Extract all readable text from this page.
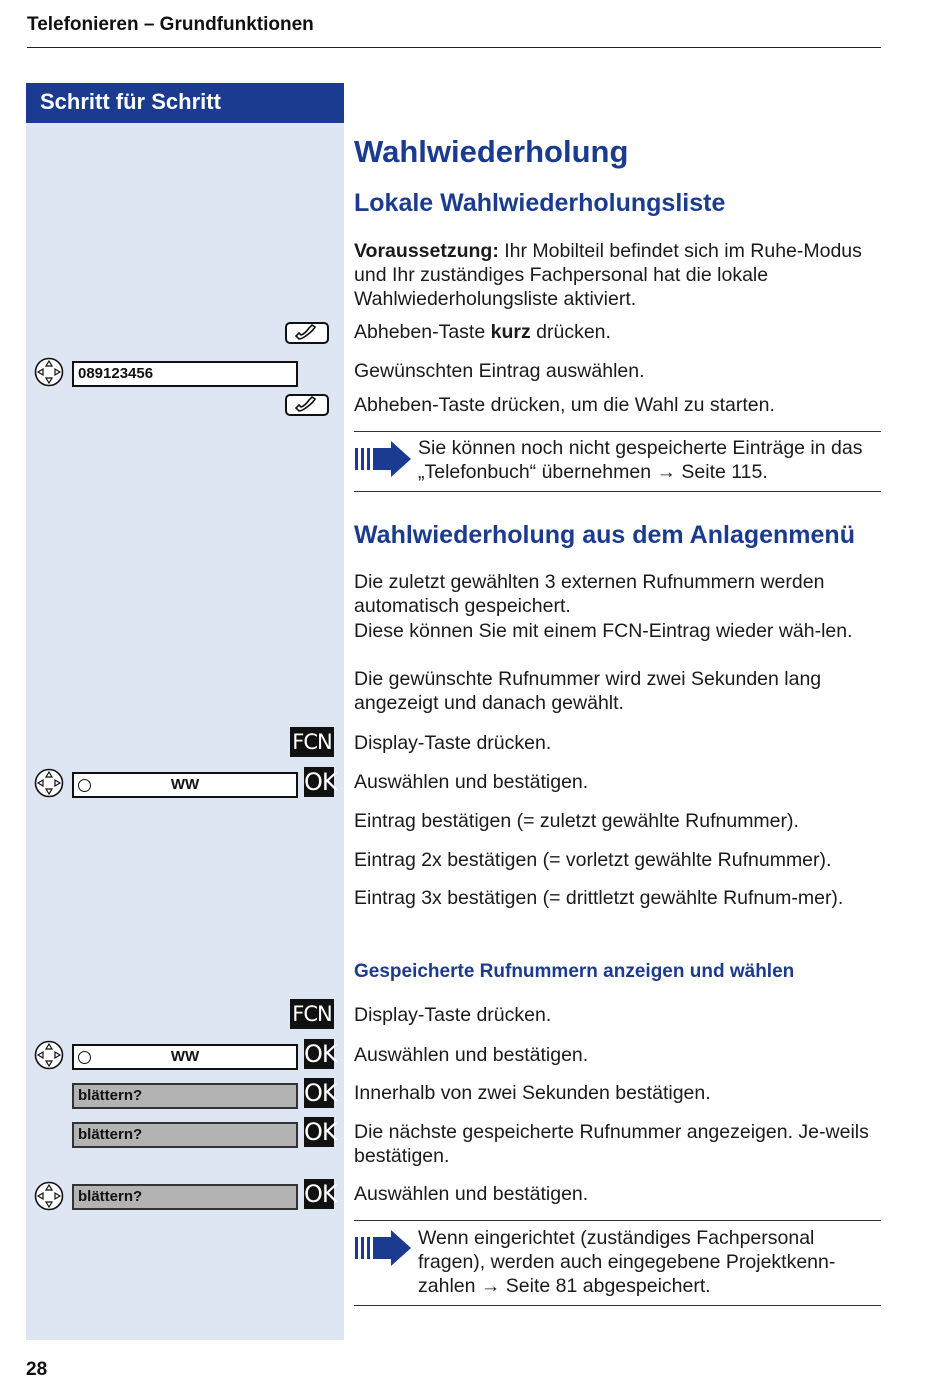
Telefonieren – Grundfunktionen
Schritt für Schritt
Wahlwiederholung
Lokale Wahlwiederholungsliste
Voraussetzung: Ihr Mobilteil befindet sich im Ruhe-Modus und Ihr zuständiges Fachpersonal hat die lokale Wahlwiederholungsliste aktiviert.
Abheben-Taste kurz drücken.
089123456	Gewünschten Eintrag auswählen.
Abheben-Taste drücken, um die Wahl zu starten.
Sie können noch nicht gespeicherte Einträge in das „Telefonbuch“ übernehmen → Seite 115.
Wahlwiederholung aus dem Anlagenmenü
Die zuletzt gewählten 3 externen Rufnummern werden automatisch gespeichert.
Diese können Sie mit einem FCN-Eintrag wieder wäh-len.
Die gewünschte Rufnummer wird zwei Sekunden lang angezeigt und danach gewählt.
FCN Display-Taste drücken.
WW	OK Auswählen und bestätigen.
Eintrag bestätigen (= zuletzt gewählte Rufnummer).
Eintrag 2x bestätigen (= vorletzt gewählte Rufnummer).
Eintrag 3x bestätigen (= drittletzt gewählte Rufnum-mer).
Gespeicherte Rufnummern anzeigen und wählen
FCN Display-Taste drücken.
WW	OK Auswählen und bestätigen.
blättern?	OK Innerhalb von zwei Sekunden bestätigen.
blättern?	OK Die nächste gespeicherte Rufnummer angezeigen. Je-weils bestätigen.
blättern?	OK Auswählen und bestätigen.
Wenn eingerichtet (zuständiges Fachpersonal fragen), werden auch eingegebene Projektkenn-zahlen → Seite 81 abgespeichert.
28
